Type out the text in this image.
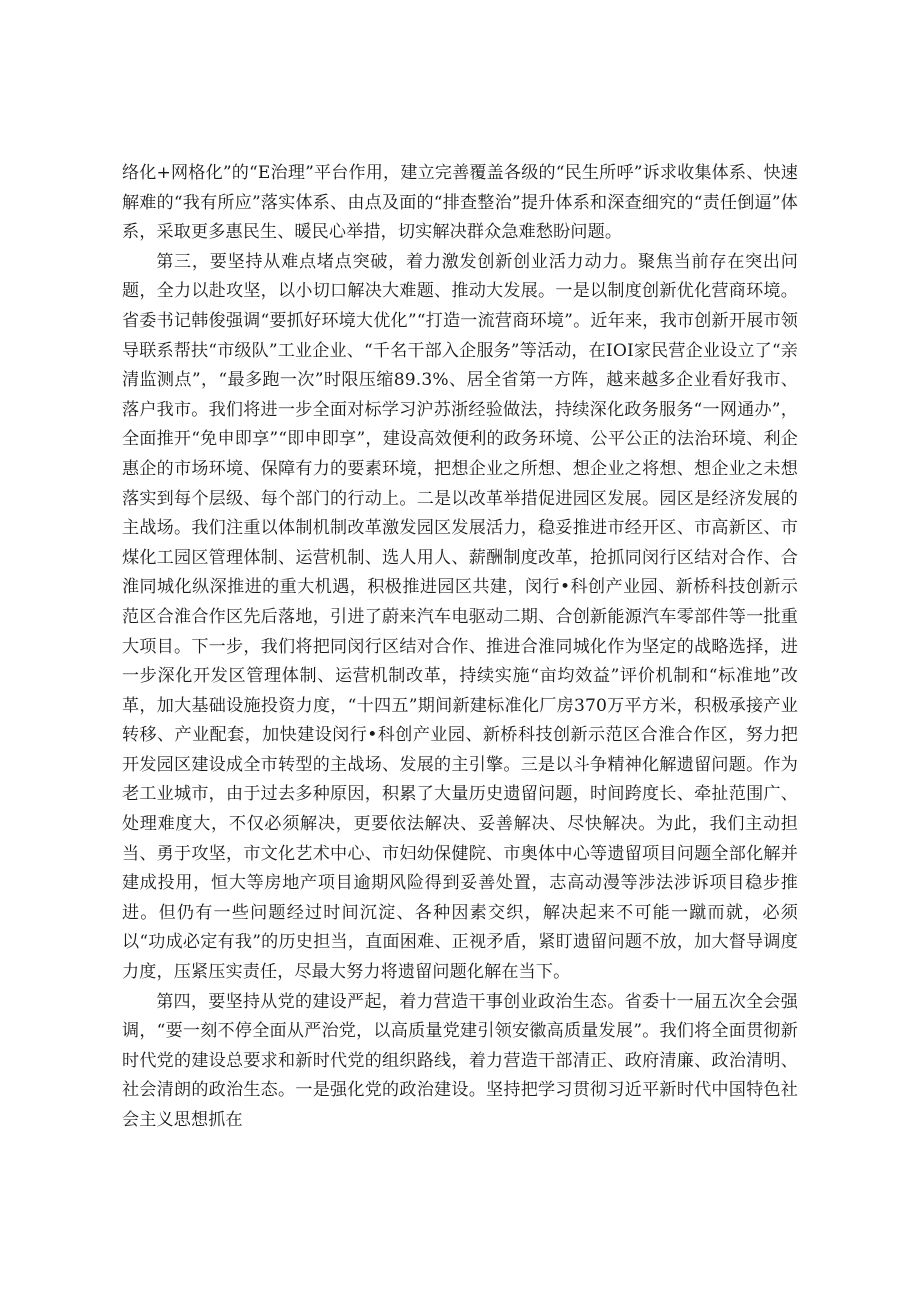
络化+网格化”的“E治理”平台作用，建立完善覆盖各级的“民生所呼”诉求收集体系、快速解难的“我有所应”落实体系、由点及面的“排查整治”提升体系和深查细究的“责任倒逼”体系，采取更多惠民生、暖民心举措，切实解决群众急难愁盼问题。

第三，要坚持从难点堵点突破，着力激发创新创业活力动力。聚焦当前存在突出问题，全力以赴攻坚，以小切口解决大难题、推动大发展。一是以制度创新优化营商环境。省委书记韩俊强调“要抓好环境大优化”“打造一流营商环境”。近年来，我市创新开展市领导联系帮扶“市级队”工业企业、“千名干部入企服务”等活动，在IOI家民营企业设立了“亲清监测点”，“最多跑一次”时限压缩89.3%、居全省第一方阵，越来越多企业看好我市、落户我市。我们将进一步全面对标学习沪苏浙经验做法，持续深化政务服务“一网通办”，全面推开“免申即享”“即申即享”，建设高效便利的政务环境、公平公正的法治环境、利企惠企的市场环境、保障有力的要素环境，把想企业之所想、想企业之将想、想企业之未想落实到每个层级、每个部门的行动上。二是以改革举措促进园区发展。园区是经济发展的主战场。我们注重以体制机制改革激发园区发展活力，稳妥推进市经开区、市高新区、市煤化工园区管理体制、运营机制、选人用人、薪酬制度改革，抢抓同闵行区结对合作、合淮同城化纵深推进的重大机遇，积极推进园区共建，闵行•科创产业园、新桥科技创新示范区合淮合作区先后落地，引进了蔚来汽车电驱动二期、合创新能源汽车零部件等一批重大项目。下一步，我们将把同闵行区结对合作、推进合淮同城化作为坚定的战略选择，进一步深化开发区管理体制、运营机制改革，持续实施“亩均效益”评价机制和“标准地”改革，加大基础设施投资力度，“十四五”期间新建标准化厂房370万平方米，积极承接产业转移、产业配套，加快建设闵行•科创产业园、新桥科技创新示范区合淮合作区，努力把开发园区建设成全市转型的主战场、发展的主引擎。三是以斗争精神化解遗留问题。作为老工业城市，由于过去多种原因，积累了大量历史遗留问题，时间跨度长、牵扯范围广、处理难度大，不仅必须解决，更要依法解决、妥善解决、尽快解决。为此，我们主动担当、勇于攻坚，市文化艺术中心、市妇幼保健院、市奥体中心等遗留项目问题全部化解并建成投用，恒大等房地产项目逾期风险得到妥善处置，志高动漫等涉法涉诉项目稳步推进。但仍有一些问题经过时间沉淀、各种因素交织，解决起来不可能一蹴而就，必须以“功成必定有我”的历史担当，直面困难、正视矛盾，紧盯遗留问题不放，加大督导调度力度，压紧压实责任，尽最大努力将遗留问题化解在当下。

第四，要坚持从党的建设严起，着力营造干事创业政治生态。省委十一届五次全会强调，“要一刻不停全面从严治党，以高质量党建引领安徽高质量发展”。我们将全面贯彻新时代党的建设总要求和新时代党的组织路线，着力营造干部清正、政府清廉、政治清明、社会清朗的政治生态。一是强化党的政治建设。坚持把学习贯彻习近平新时代中国特色社会主义思想抓在
